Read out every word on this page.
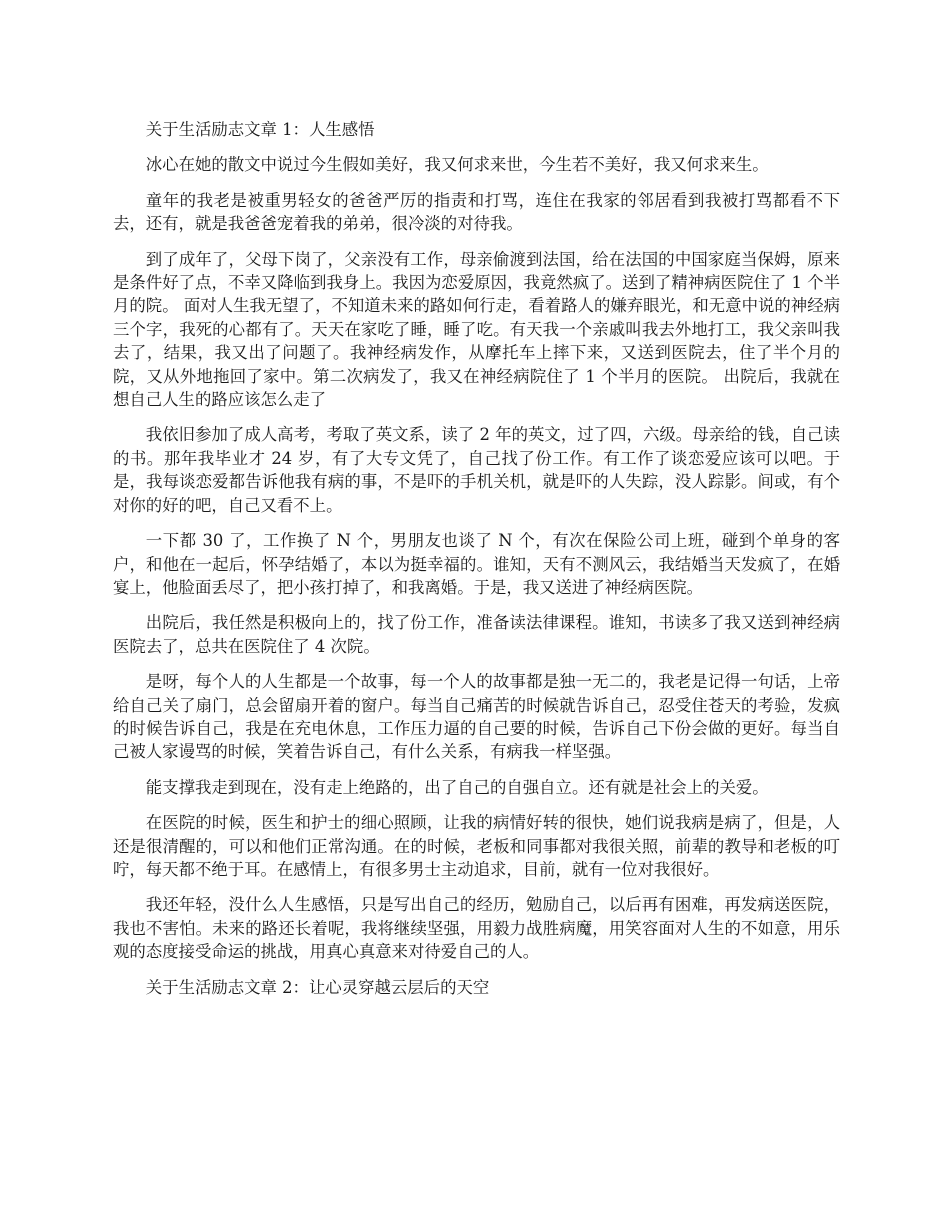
关于生活励志文章 1：人生感悟

冰心在她的散文中说过今生假如美好，我又何求来世，今生若不美好，我又何求来生。

童年的我老是被重男轻女的爸爸严厉的指责和打骂，连住在我家的邻居看到我被打骂都看不下去，还有，就是我爸爸宠着我的弟弟，很冷淡的对待我。

到了成年了，父母下岗了，父亲没有工作，母亲偷渡到法国，给在法国的中国家庭当保姆，原来是条件好了点，不幸又降临到我身上。我因为恋爱原因，我竟然疯了。送到了精神病医院住了 1 个半月的院。 面对人生我无望了，不知道未来的路如何行走，看着路人的嫌弃眼光，和无意中说的神经病三个字，我死的心都有了。天天在家吃了睡，睡了吃。有天我一个亲戚叫我去外地打工，我父亲叫我去了，结果，我又出了问题了。我神经病发作，从摩托车上摔下来，又送到医院去，住了半个月的院，又从外地拖回了家中。第二次病发了，我又在神经病院住了 1 个半月的医院。 出院后，我就在想自己人生的路应该怎么走了

我依旧参加了成人高考，考取了英文系，读了 2 年的英文，过了四，六级。母亲给的钱，自己读的书。那年我毕业才 24 岁，有了大专文凭了，自己找了份工作。有工作了谈恋爱应该可以吧。于是，我每谈恋爱都告诉他我有病的事，不是吓的手机关机，就是吓的人失踪，没人踪影。间或，有个对你的好的吧，自己又看不上。

一下都 30 了，工作换了 N 个，男朋友也谈了 N 个，有次在保险公司上班，碰到个单身的客户，和他在一起后，怀孕结婚了，本以为挺幸福的。谁知，天有不测风云，我结婚当天发疯了，在婚宴上，他脸面丢尽了，把小孩打掉了，和我离婚。于是，我又送进了神经病医院。

出院后，我任然是积极向上的，找了份工作，准备读法律课程。谁知，书读多了我又送到神经病医院去了，总共在医院住了 4 次院。

是呀，每个人的人生都是一个故事，每一个人的故事都是独一无二的，我老是记得一句话，上帝给自己关了扇门，总会留扇开着的窗户。每当自己痛苦的时候就告诉自己，忍受住苍天的考验，发疯的时候告诉自己，我是在充电休息，工作压力逼的自己要的时候，告诉自己下份会做的更好。每当自己被人家谩骂的时候，笑着告诉自己，有什么关系，有病我一样坚强。

能支撑我走到现在，没有走上绝路的，出了自己的自强自立。还有就是社会上的关爱。

在医院的时候，医生和护士的细心照顾，让我的病情好转的很快，她们说我病是病了，但是，人还是很清醒的，可以和他们正常沟通。在的时候，老板和同事都对我很关照，前辈的教导和老板的叮咛，每天都不绝于耳。在感情上，有很多男士主动追求，目前，就有一位对我很好。

我还年轻，没什么人生感悟，只是写出自己的经历，勉励自己，以后再有困难，再发病送医院，我也不害怕。未来的路还长着呢，我将继续坚强，用毅力战胜病魔，用笑容面对人生的不如意，用乐观的态度接受命运的挑战，用真心真意来对待爱自己的人。

关于生活励志文章 2：让心灵穿越云层后的天空
